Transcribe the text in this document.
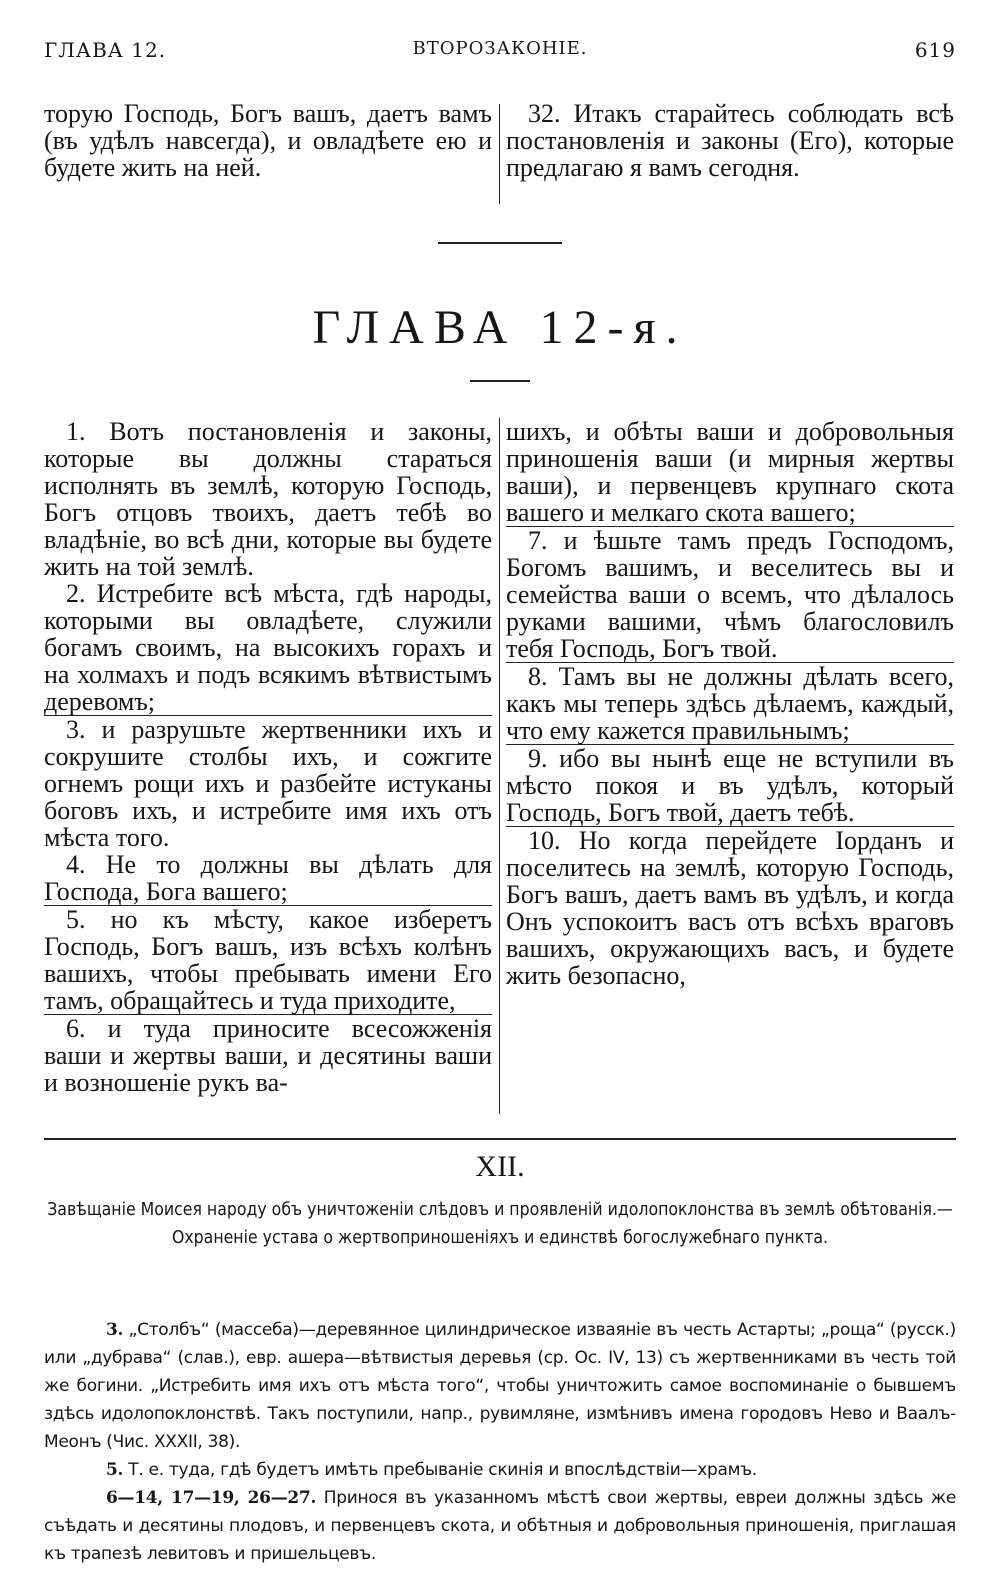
ГЛАВА 12.	ВТОРОЗАКОНІЕ.	619
торую Господь, Богъ вашъ, даетъ вамъ (въ удѣлъ навсегда), и овладѣете ею и будете жить на ней.
32. Итакъ старайтесь соблюдать всѣ постановленія и законы (Его), которые предлагаю я вамъ сегодня.
ГЛАВА 12-я.

1. Вотъ постановленія и законы, которые вы должны стараться исполнять въ землѣ, которую Господь, Богъ отцовъ твоихъ, даетъ тебѣ во владѣніе, во всѣ дни, которые вы будете жить на той землѣ.

2. Истребите всѣ мѣста, гдѣ народы, которыми вы овладѣете, служили богамъ своимъ, на высокихъ горахъ и на холмахъ и подъ всякимъ вѣтвистымъ деревомъ;

3. и разрушьте жертвенники ихъ и сокрушите столбы ихъ, и сожгите огнемъ рощи ихъ и разбейте истуканы боговъ ихъ, и истребите имя ихъ отъ мѣста того.

4. Не то должны вы дѣлать для Господа, Бога вашего;

5. но къ мѣсту, какое изберетъ Господь, Богъ вашъ, изъ всѣхъ колѣнъ вашихъ, чтобы пребывать имени Его тамъ, обращайтесь и туда приходите,

6. и туда приносите всесожженія ваши и жертвы ваши, и десятины ваши и возношеніе рукъ ва-

шихъ, и обѣты ваши и добровольныя приношенія ваши (и мирныя жертвы ваши), и первенцевъ крупнаго скота вашего и мелкаго скота вашего;

7. и ѣшьте тамъ предъ Господомъ, Богомъ вашимъ, и веселитесь вы и семейства ваши о всемъ, что дѣлалось руками вашими, чѣмъ благословилъ тебя Господь, Богъ твой.

8. Тамъ вы не должны дѣлать всего, какъ мы теперь здѣсь дѣлаемъ, каждый, что ему кажется правильнымъ;

9. ибо вы нынѣ еще не вступили въ мѣсто покоя и въ удѣлъ, который Господь, Богъ твой, даетъ тебѣ.

10. Но когда перейдете Іорданъ и поселитесь на землѣ, которую Господь, Богъ вашъ, даетъ вамъ въ удѣлъ, и когда Онъ успокоитъ васъ отъ всѣхъ враговъ вашихъ, окружающихъ васъ, и будете жить безопасно,

XII.
Завѣщаніе Моисея народу объ уничтоженіи слѣдовъ и проявленій идолопоклонства въ землѣ обѣтованія.—Охраненіе устава о жертвоприношеніяхъ и единствѣ богослужебнаго пункта.

3. „Столбъ“ (массеба)—деревянное цилиндрическое изваяніе въ честь Астарты; „роща“ (русск.) или „дубрава“ (слав.), евр. ашера—вѣтвистыя деревья (ср. Ос. IV, 13) съ жертвенниками въ честь той же богини. „Истребить имя ихъ отъ мѣста того“, чтобы уничтожить самое воспоминаніе о бывшемъ здѣсь идолопоклонствѣ. Такъ поступили, напр., рувимляне, измѣнивъ имена городовъ Нево и Ваалъ-Меонъ (Чис. XXXII, 38).

5. Т. е. туда, гдѣ будетъ имѣть пребываніе скинія и впослѣдствіи—храмъ.

6—14, 17—19, 26—27. Принося въ указанномъ мѣстѣ свои жертвы, евреи должны здѣсь же съѣдать и десятины плодовъ, и первенцевъ скота, и обѣтныя и добровольныя приношенія, приглашая къ трапезѣ левитовъ и пришельцевъ.
